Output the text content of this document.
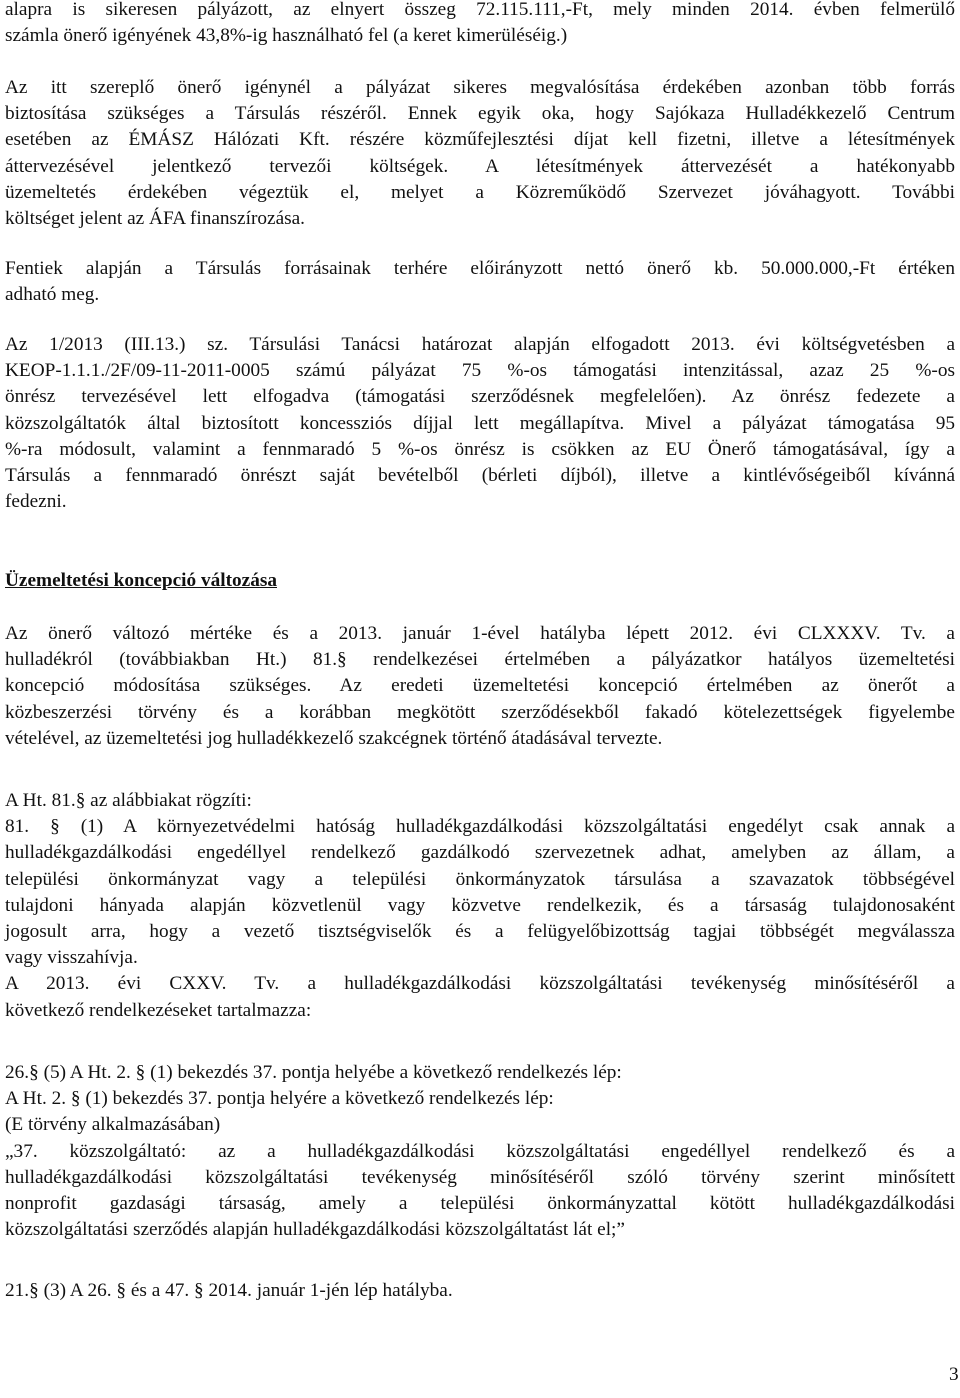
alapra is sikeresen pályázott, az elnyert összeg 72.115.111,-Ft, mely minden 2014. évben felmerülő
számla önerő igényének 43,8%-ig használható fel (a keret kimerüléséig.)
Az itt szereplő önerő igénynél a pályázat sikeres megvalósítása érdekében azonban több forrás
biztosítása szükséges a Társulás részéről. Ennek egyik oka, hogy Sajókaza Hulladékkezelő Centrum
esetében az ÉMÁSZ Hálózati Kft. részére közműfejlesztési díjat kell fizetni, illetve a létesítmények
áttervezésével jelentkező tervezői költségek. A létesítmények áttervezését a hatékonyabb
üzemeltetés érdekében végeztük el, melyet a Közreműködő Szervezet jóváhagyott. További
költséget jelent az ÁFA finanszírozása.
Fentiek alapján a Társulás forrásainak terhére előirányzott nettó önerő kb. 50.000.000,-Ft értéken
adható meg.
Az 1/2013 (III.13.) sz. Társulási Tanácsi határozat alapján elfogadott 2013. évi költségvetésben a
KEOP-1.1.1./2F/09-11-2011-0005 számú pályázat 75 %-os támogatási intenzitással, azaz 25 %-os
önrész tervezésével lett elfogadva (támogatási szerződésnek megfelelően). Az önrész fedezete a
közszolgáltatók által biztosított koncessziós díjjal lett megállapítva. Mivel a pályázat támogatása 95
%-ra módosult, valamint a fennmaradó 5 %-os önrész is csökken az EU Önerő támogatásával, így a
Társulás a fennmaradó önrészt saját bevételből (bérleti díjból), illetve a kintlévőségeiből kívánná
fedezni.
Üzemeltetési koncepció változása
Az önerő változó mértéke és a 2013. január 1-ével hatályba lépett 2012. évi CLXXXV. Tv. a
hulladékról (továbbiakban Ht.) 81.§ rendelkezései értelmében a pályázatkor hatályos üzemeltetési
koncepció módosítása szükséges. Az eredeti üzemeltetési koncepció értelmében az önerőt a
közbeszerzési törvény és a korábban megkötött szerződésekből fakadó kötelezettségek figyelembe
vételével, az üzemeltetési jog hulladékkezelő szakcégnek történő átadásával tervezte.
A Ht. 81.§ az alábbiakat rögzíti:
81. § (1) A környezetvédelmi hatóság hulladékgazdálkodási közszolgáltatási engedélyt csak annak a
hulladékgazdálkodási engedéllyel rendelkező gazdálkodó szervezetnek adhat, amelyben az állam, a
települési önkormányzat vagy a települési önkormányzatok társulása a szavazatok többségével
tulajdoni hányada alapján közvetlenül vagy közvetve rendelkezik, és a társaság tulajdonosaként
jogosult arra, hogy a vezető tisztségviselők és a felügyelőbizottság tagjai többségét megválassza
vagy visszahívja.
A 2013. évi CXXV. Tv. a hulladékgazdálkodási közszolgáltatási tevékenység minősítéséről a
következő rendelkezéseket tartalmazza:
26.§ (5) A Ht. 2. § (1) bekezdés 37. pontja helyébe a következő rendelkezés lép:
A Ht. 2. § (1) bekezdés 37. pontja helyére a következő rendelkezés lép:
(E törvény alkalmazásában)
„37. közszolgáltató: az a hulladékgazdálkodási közszolgáltatási engedéllyel rendelkező és a
hulladékgazdálkodási közszolgáltatási tevékenység minősítéséről szóló törvény szerint minősített
nonprofit gazdasági társaság, amely a települési önkormányzattal kötött hulladékgazdálkodási
közszolgáltatási szerződés alapján hulladékgazdálkodási közszolgáltatást lát el;”
21.§ (3) A 26. § és a 47. § 2014. január 1-jén lép hatályba.
3
